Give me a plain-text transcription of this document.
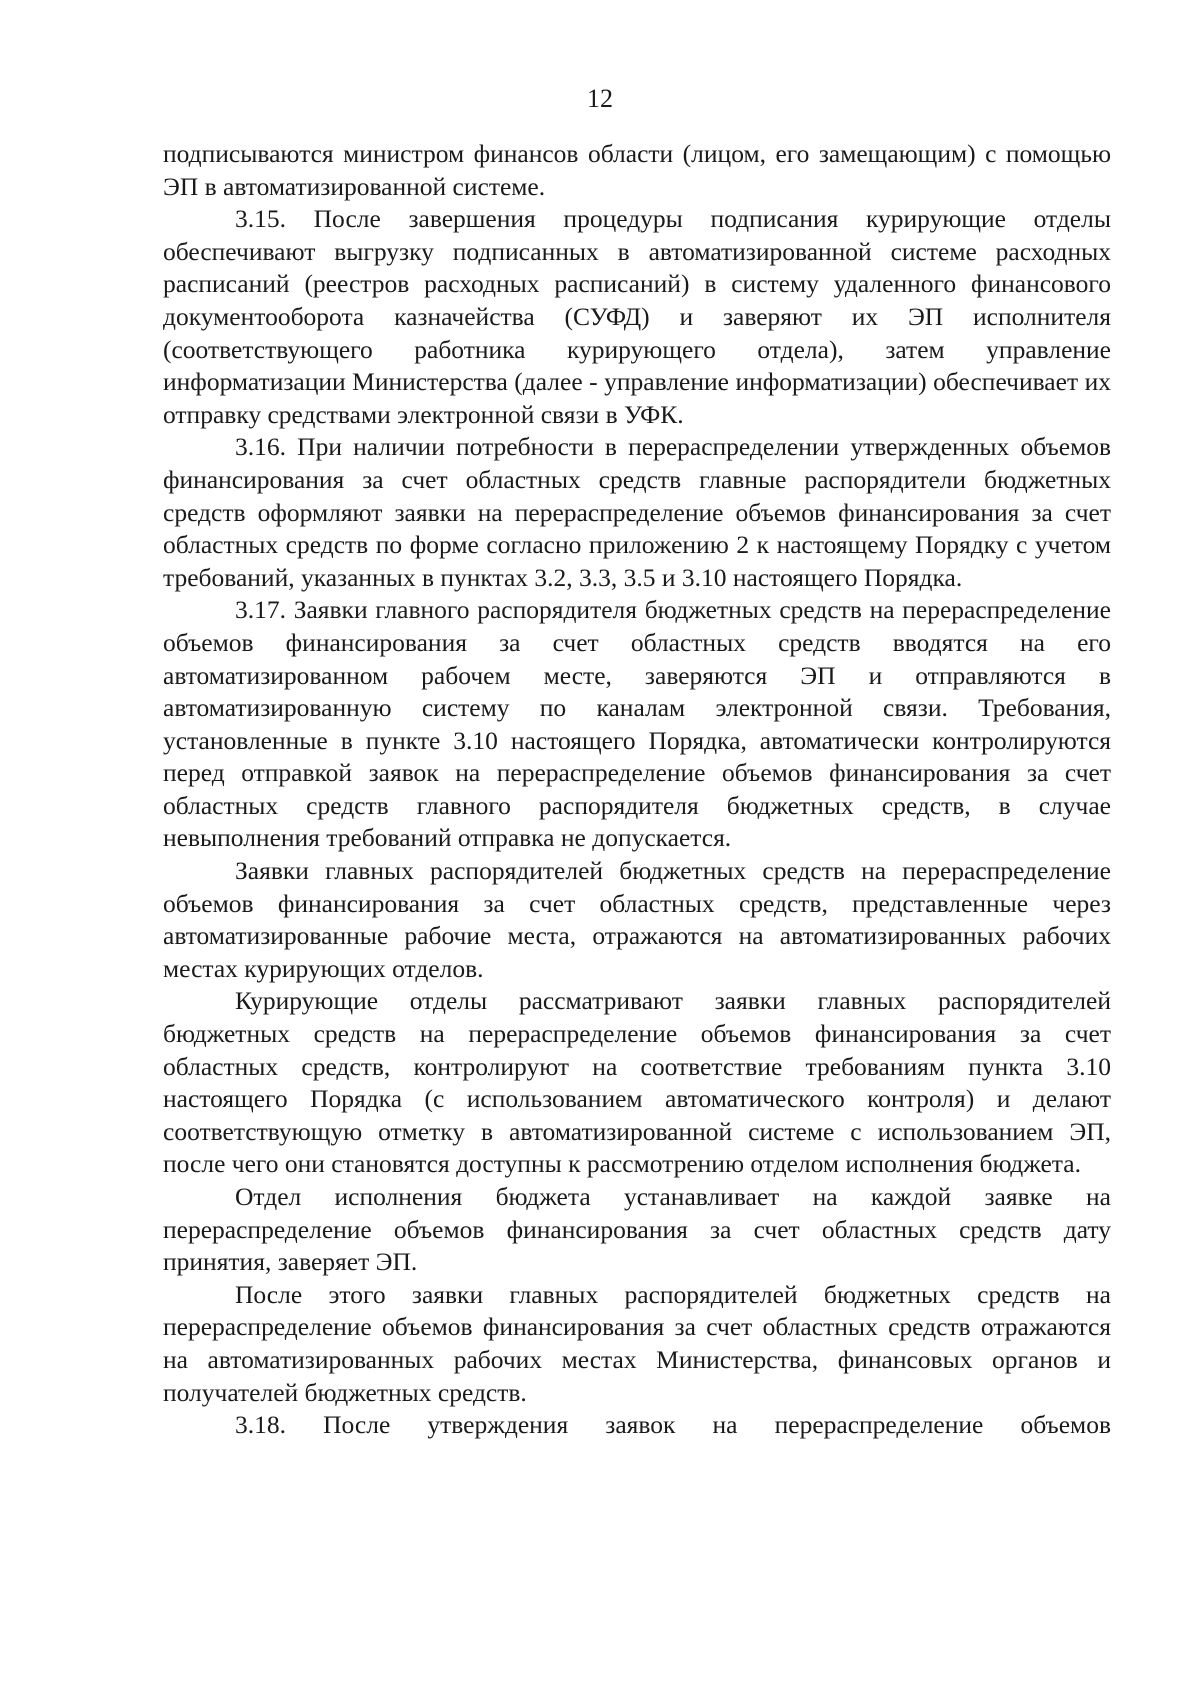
12

подписываются министром финансов области (лицом, его замещающим) с помощью ЭП в автоматизированной системе.

3.15. После завершения процедуры подписания курирующие отделы обеспечивают выгрузку подписанных в автоматизированной системе расходных расписаний (реестров расходных расписаний) в систему удаленного финансового документооборота казначейства (СУФД) и заверяют их ЭП исполнителя (соответствующего работника курирующего отдела), затем управление информатизации Министерства (далее - управление информатизации) обеспечивает их отправку средствами электронной связи в УФК.

3.16. При наличии потребности в перераспределении утвержденных объемов финансирования за счет областных средств главные распорядители бюджетных средств оформляют заявки на перераспределение объемов финансирования за счет областных средств по форме согласно приложению 2 к настоящему Порядку с учетом требований, указанных в пунктах 3.2, 3.3, 3.5 и 3.10 настоящего Порядка.

3.17. Заявки главного распорядителя бюджетных средств на перераспределение объемов финансирования за счет областных средств вводятся на его автоматизированном рабочем месте, заверяются ЭП и отправляются в автоматизированную систему по каналам электронной связи. Требования, установленные в пункте 3.10 настоящего Порядка, автоматически контролируются перед отправкой заявок на перераспределение объемов финансирования за счет областных средств главного распорядителя бюджетных средств, в случае невыполнения требований отправка не допускается.

Заявки главных распорядителей бюджетных средств на перераспределение объемов финансирования за счет областных средств, представленные через автоматизированные рабочие места, отражаются на автоматизированных рабочих местах курирующих отделов.

Курирующие отделы рассматривают заявки главных распорядителей бюджетных средств на перераспределение объемов финансирования за счет областных средств, контролируют на соответствие требованиям пункта 3.10 настоящего Порядка (с использованием автоматического контроля) и делают соответствующую отметку в автоматизированной системе с использованием ЭП, после чего они становятся доступны к рассмотрению отделом исполнения бюджета.

Отдел исполнения бюджета устанавливает на каждой заявке на перераспределение объемов финансирования за счет областных средств дату принятия, заверяет ЭП.

После этого заявки главных распорядителей бюджетных средств на перераспределение объемов финансирования за счет областных средств отражаются на автоматизированных рабочих местах Министерства, финансовых органов и получателей бюджетных средств.

3.18. После утверждения заявок на перераспределение объемов
